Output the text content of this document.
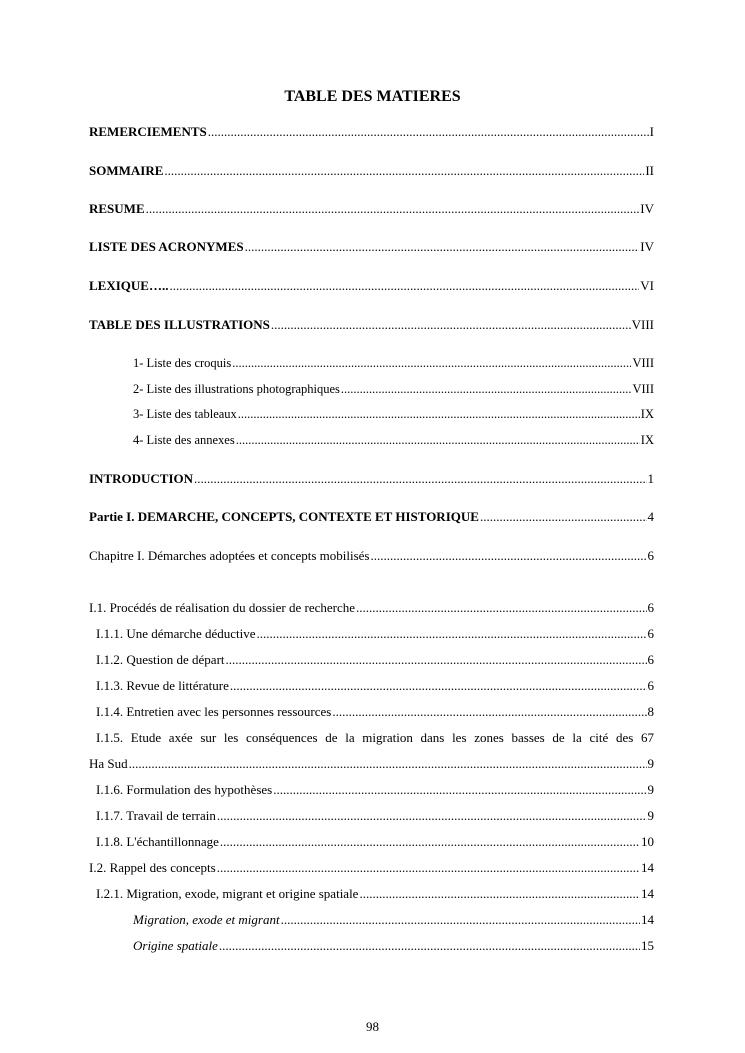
TABLE DES MATIERES
REMERCIEMENTS .....	I
SOMMAIRE .....	II
RESUME .....	IV
LISTE DES ACRONYMES .....	IV
LEXIQUE….. .....	VI
TABLE DES ILLUSTRATIONS .....	VIII
1- Liste des croquis .....	VIII
2- Liste des illustrations photographiques .....	VIII
3- Liste des tableaux .....	IX
4- Liste des annexes .....	IX
INTRODUCTION .....	1
Partie I. DEMARCHE, CONCEPTS, CONTEXTE ET HISTORIQUE .....	4
Chapitre I. Démarches adoptées et concepts mobilisés .....	6
I.1. Procédés de réalisation du dossier de recherche .....	6
I.1.1. Une démarche déductive .....	6
I.1.2. Question de départ .....	6
I.1.3. Revue de littérature .....	6
I.1.4. Entretien avec les personnes ressources .....	8
I.1.5. Etude axée sur les conséquences de la migration dans les zones basses de la cité des 67
Ha Sud .....	9
I.1.6. Formulation des hypothèses .....	9
I.1.7. Travail de terrain .....	9
I.1.8. L'échantillonnage .....	10
I.2. Rappel des concepts .....	14
I.2.1. Migration, exode, migrant et origine spatiale .....	14
Migration, exode et migrant .....	14
Origine spatiale .....	15
98
